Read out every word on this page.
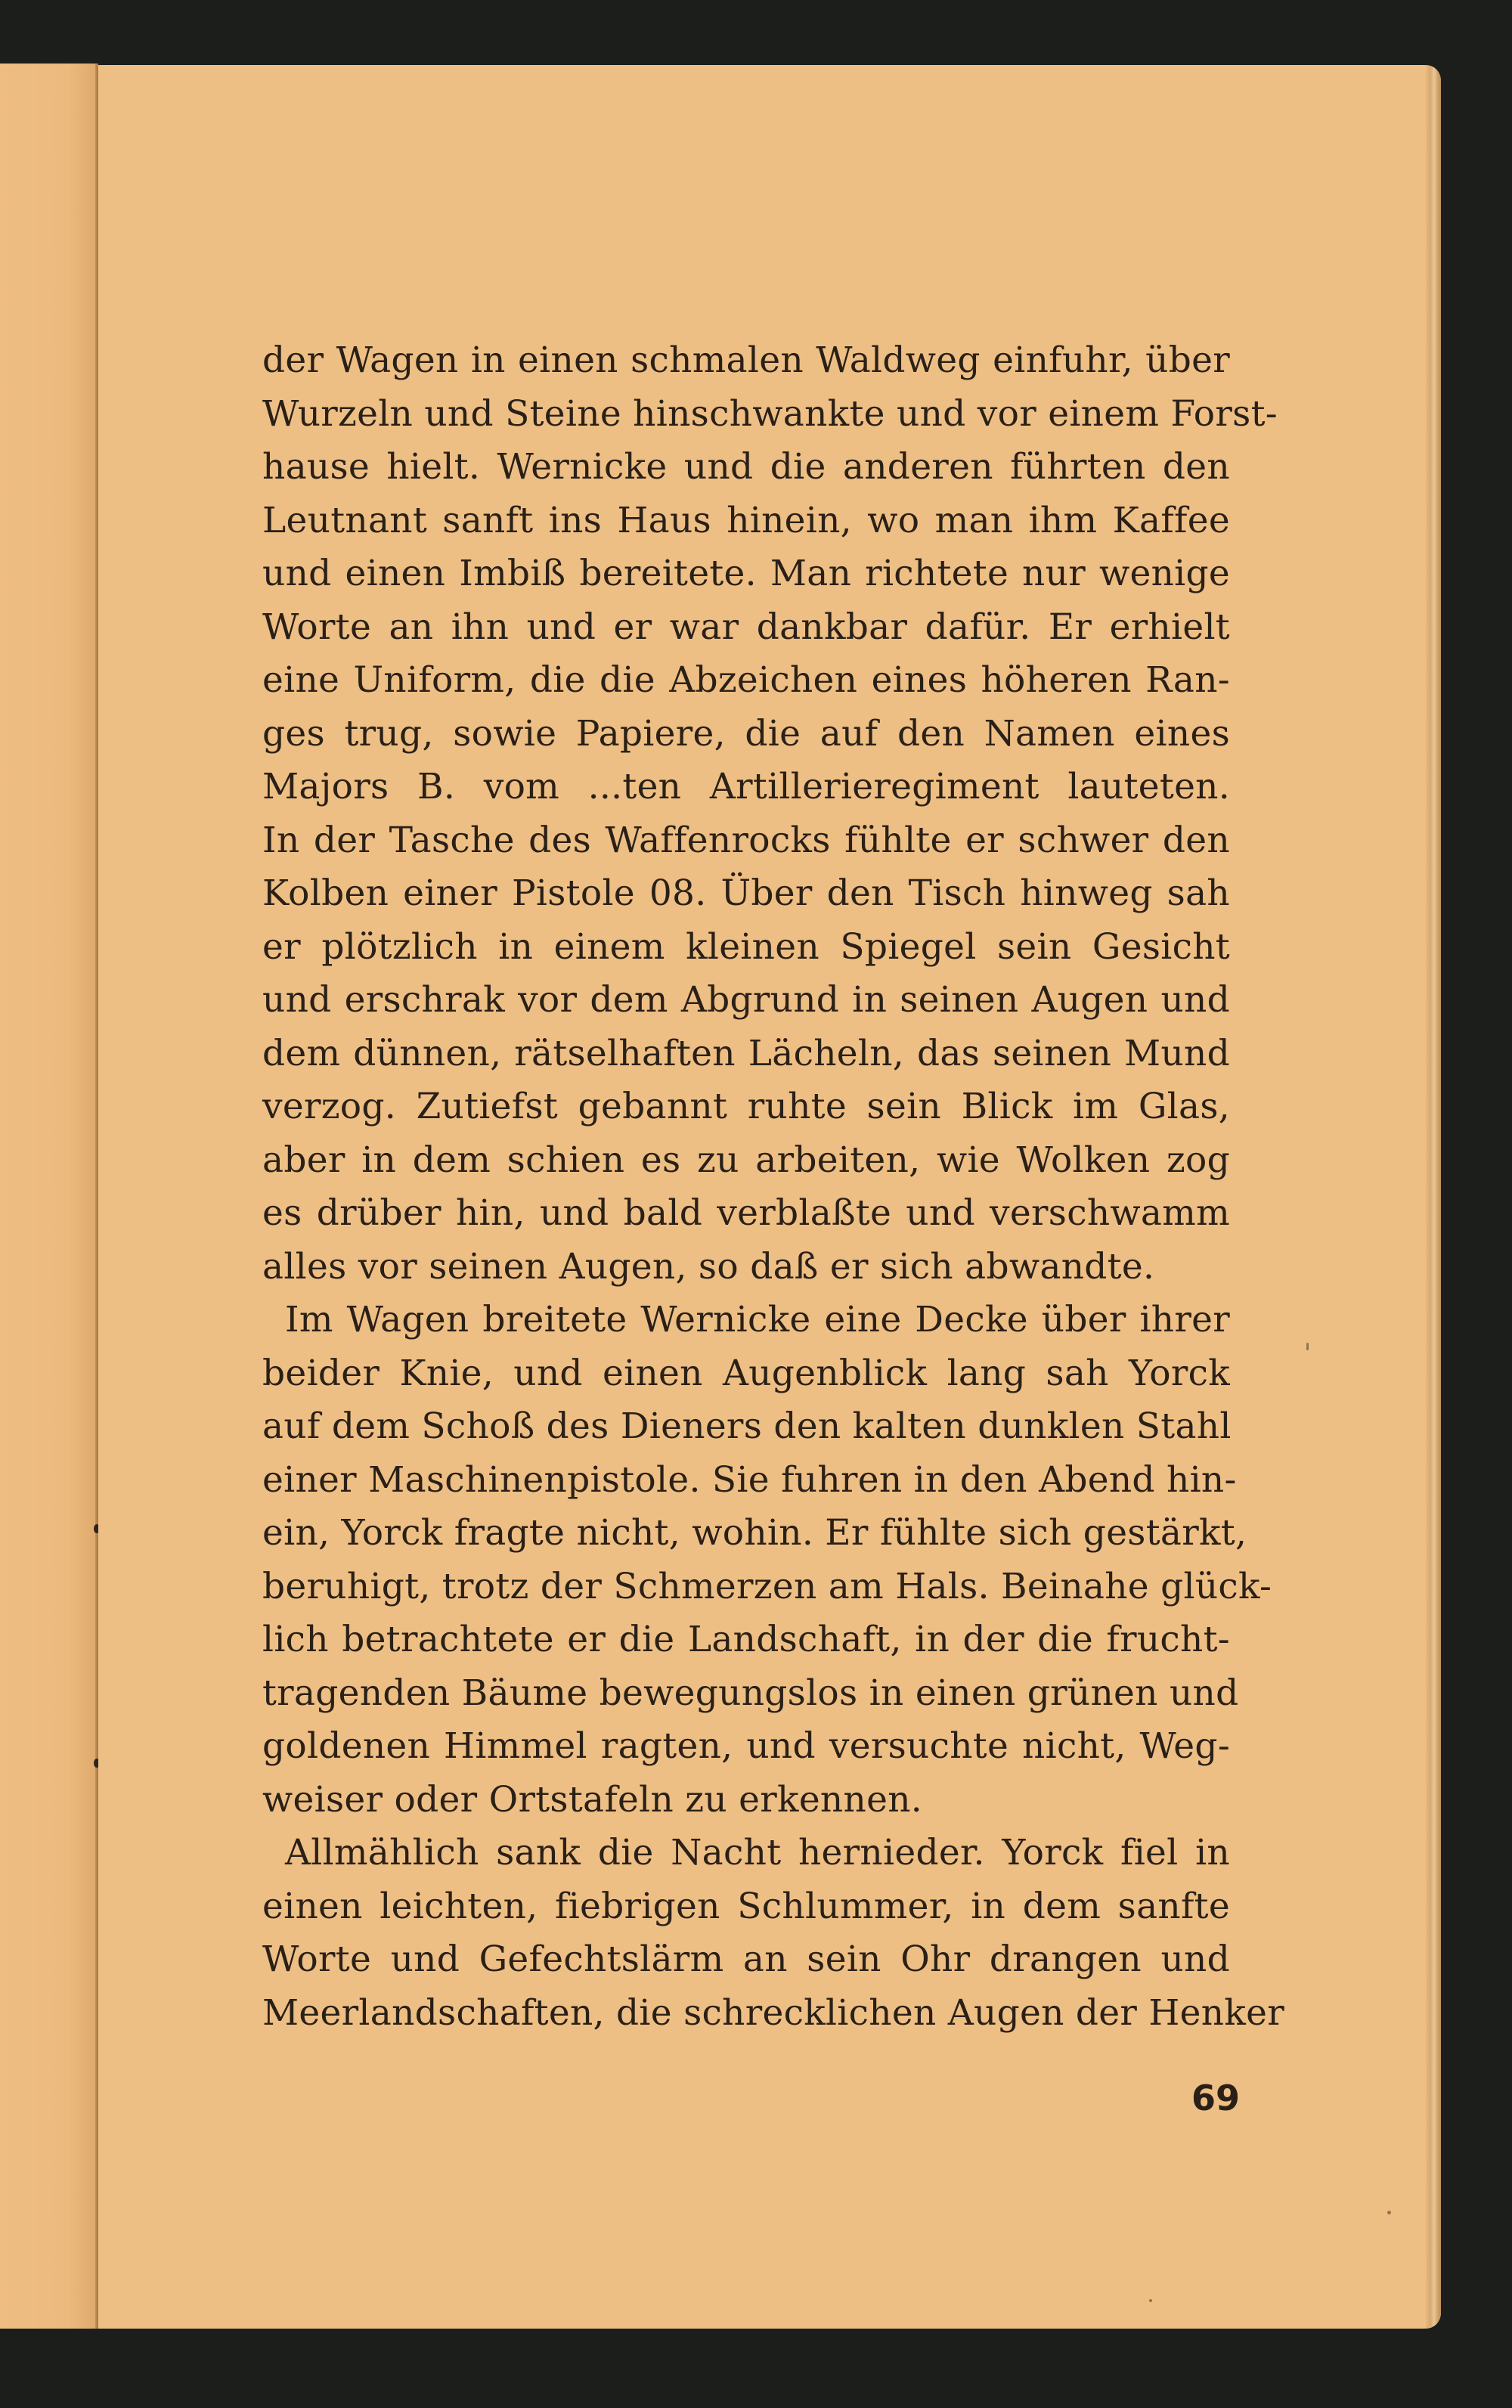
der Wagen in einen schmalen Waldweg einfuhr, über
Wurzeln und Steine hinschwankte und vor einem Forst-
hause hielt. Wernicke und die anderen führten den
Leutnant sanft ins Haus hinein, wo man ihm Kaffee
und einen Imbiß bereitete. Man richtete nur wenige
Worte an ihn und er war dankbar dafür. Er erhielt
eine Uniform, die die Abzeichen eines höheren Ran-
ges trug, sowie Papiere, die auf den Namen eines
Majors B. vom ...ten Artillerieregiment lauteten.
In der Tasche des Waffenrocks fühlte er schwer den
Kolben einer Pistole 08. Über den Tisch hinweg sah
er plötzlich in einem kleinen Spiegel sein Gesicht
und erschrak vor dem Abgrund in seinen Augen und
dem dünnen, rätselhaften Lächeln, das seinen Mund
verzog. Zutiefst gebannt ruhte sein Blick im Glas,
aber in dem schien es zu arbeiten, wie Wolken zog
es drüber hin, und bald verblaßte und verschwamm
alles vor seinen Augen, so daß er sich abwandte.
Im Wagen breitete Wernicke eine Decke über ihrer
beider Knie, und einen Augenblick lang sah Yorck
auf dem Schoß des Dieners den kalten dunklen Stahl
einer Maschinenpistole. Sie fuhren in den Abend hin-
ein, Yorck fragte nicht, wohin. Er fühlte sich gestärkt,
beruhigt, trotz der Schmerzen am Hals. Beinahe glück-
lich betrachtete er die Landschaft, in der die frucht-
tragenden Bäume bewegungslos in einen grünen und
goldenen Himmel ragten, und versuchte nicht, Weg-
weiser oder Ortstafeln zu erkennen.
Allmählich sank die Nacht hernieder. Yorck fiel in
einen leichten, fiebrigen Schlummer, in dem sanfte
Worte und Gefechtslärm an sein Ohr drangen und
Meerlandschaften, die schrecklichen Augen der Henker
69
